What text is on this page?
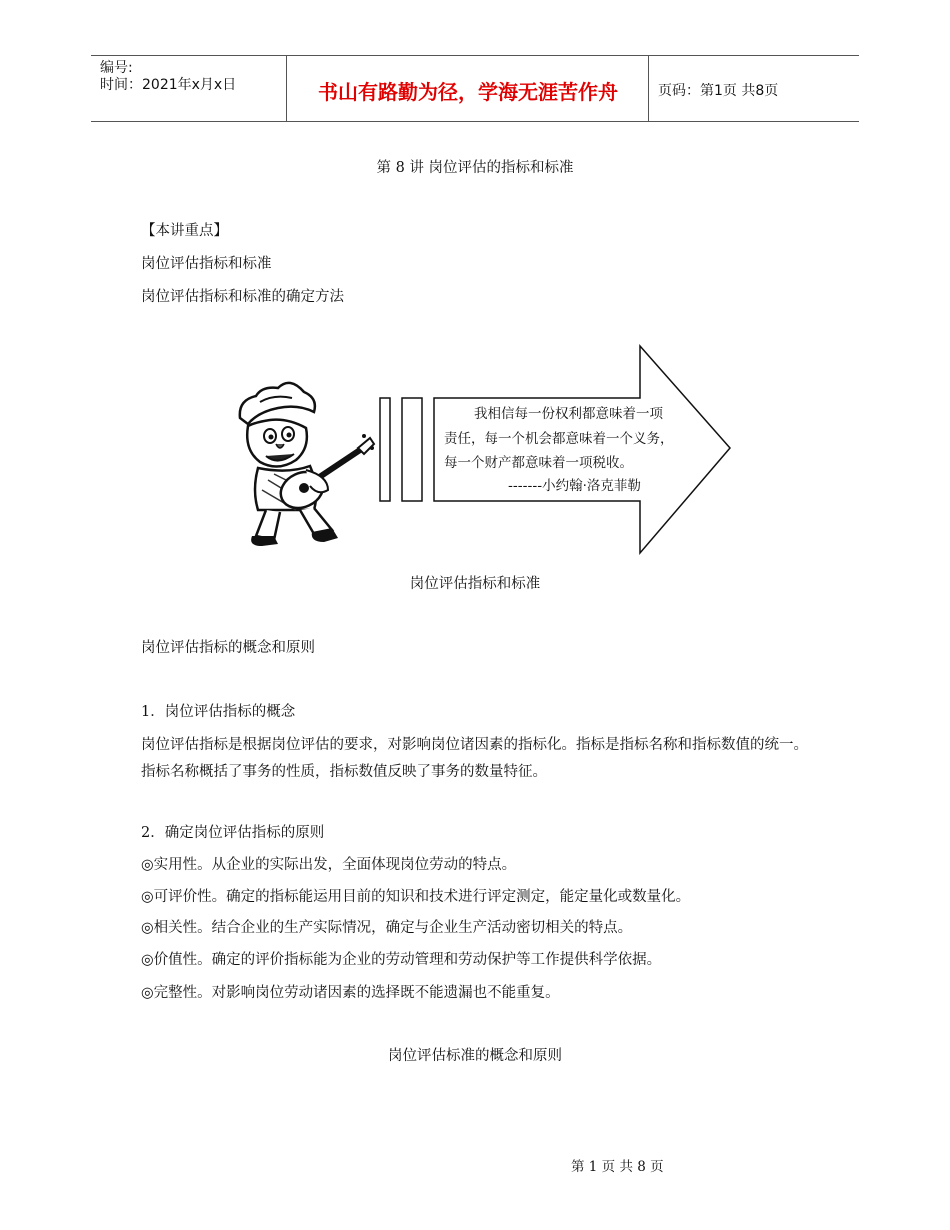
编号:
时间：2021年x月x日	书山有路勤为径，学海无涯苦作舟	页码：第1页 共8页
第 8 讲 岗位评估的指标和标准
【本讲重点】
岗位评估指标和标准
岗位评估指标和标准的确定方法
我相信每一份权利都意味着一项
责任，每一个机会都意味着一个义务，
每一个财产都意味着一项税收。
-------小约翰·洛克菲勒
岗位评估指标和标准
岗位评估指标的概念和原则
1．岗位评估指标的概念
岗位评估指标是根据岗位评估的要求，对影响岗位诸因素的指标化。指标是指标名称和指标数值的统一。指标名称概括了事务的性质，指标数值反映了事务的数量特征。
2．确定岗位评估指标的原则
◎实用性。从企业的实际出发，全面体现岗位劳动的特点。
◎可评价性。确定的指标能运用目前的知识和技术进行评定测定，能定量化或数量化。
◎相关性。结合企业的生产实际情况，确定与企业生产活动密切相关的特点。
◎价值性。确定的评价指标能为企业的劳动管理和劳动保护等工作提供科学依据。
◎完整性。对影响岗位劳动诸因素的选择既不能遗漏也不能重复。
岗位评估标准的概念和原则
第 1 页 共 8 页
